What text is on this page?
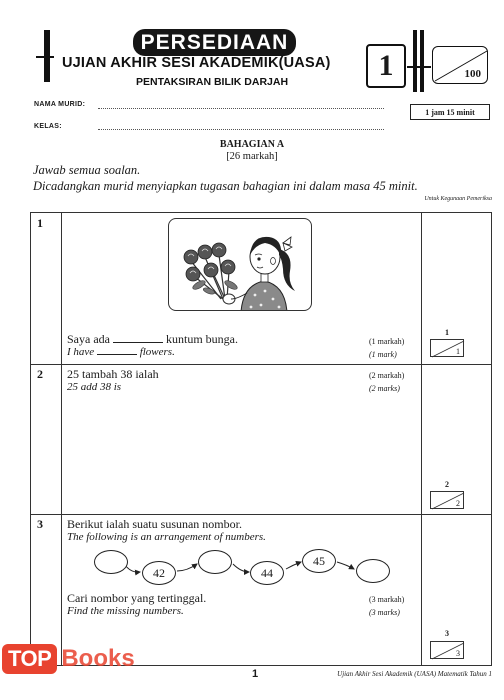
PERSEDIAAN
UJIAN AKHIR SESI AKADEMIK(UASA)
PENTAKSIRAN BILIK DARJAH	1	100
NAMA MURID:
KELAS:
1 jam 15 minit
BAHAGIAN A
[26 markah]
Jawab semua soalan.
Dicadangkan murid menyiapkan tugasan bahagian ini dalam masa 45 minit.
Untuk Kegunaan Pemeriksa
1
Saya ada	kuntum bunga.
I have	flowers.
(1 markah)
(1 mark)
1
1
2 25 tambah 38 ialah
25 add 38 is
(2 markah)
(2 marks)
2
2
3 Berikut ialah suatu susunan nombor.
The following is an arrangement of numbers.
42	44
45
Cari nombor yang tertinggal.
Find the missing numbers.
(3 markah)
(3 marks)
3
3
1	Ujian Akhir Sesi Akademik (UASA) Matematik Tahun 1
TOP Books
